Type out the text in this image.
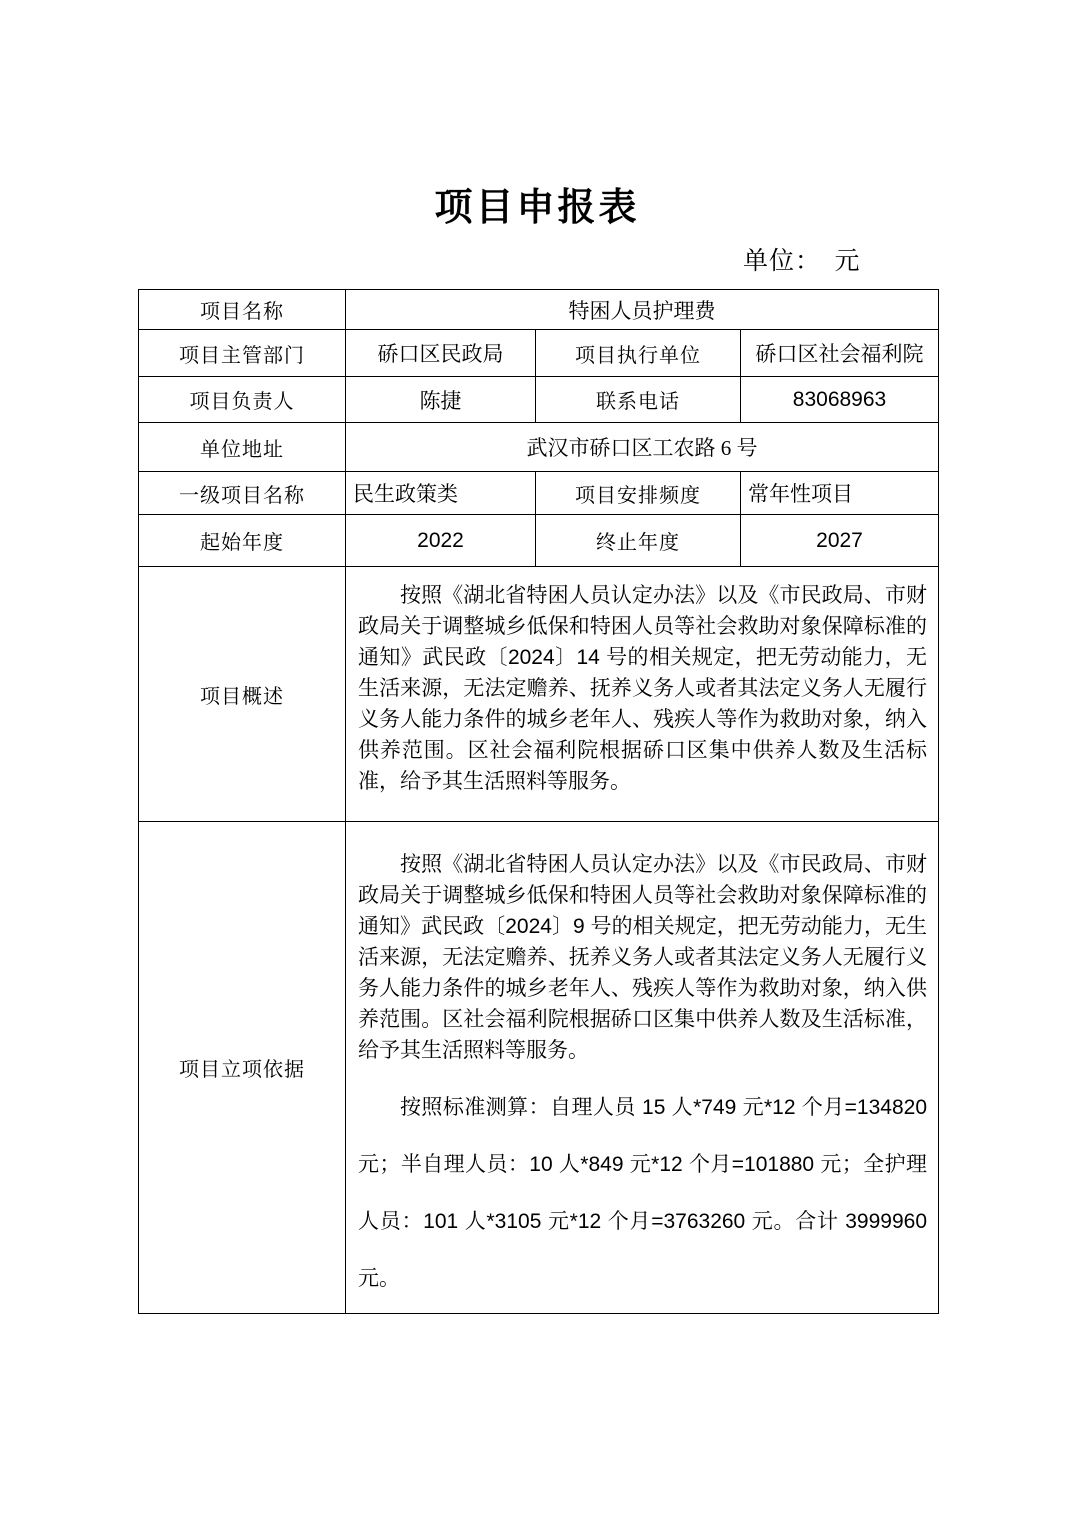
项目申报表
单位：　元
项目名称	特困人员护理费		
项目主管部门	硚口区民政局	项目执行单位	硚口区社会福利院
项目负责人	陈捷	联系电话	83068963
单位地址	武汉市硚口区工农路 6 号		
一级项目名称	民生政策类	项目安排频度	常年性项目
起始年度	2022	终止年度	2027
项目概述	按照《湖北省特困人员认定办法》以及《市民政局、市财政局关于调整城乡低保和特困人员等社会救助对象保障标准的通知》武民政〔2024〕14 号的相关规定，把无劳动能力，无生活来源，无法定赡养、抚养义务人或者其法定义务人无履行义务人能力条件的城乡老年人、残疾人等作为救助对象，纳入供养范围。区社会福利院根据硚口区集中供养人数及生活标准，给予其生活照料等服务。		

项目立项依据	按照《湖北省特困人员认定办法》以及《市民政局、市财政局关于调整城乡低保和特困人员等社会救助对象保障标准的通知》武民政〔2024〕9 号的相关规定，把无劳动能力，无生活来源，无法定赡养、抚养义务人或者其法定义务人无履行义务人能力条件的城乡老年人、残疾人等作为救助对象，纳入供养范围。区社会福利院根据硚口区集中供养人数及生活标准，给予其生活照料等服务。

按照标准测算：自理人员 15 人*749 元*12 个月=134820 元；半自理人员：10 人*849 元*12 个月=101880 元；全护理人员：101 人*3105 元*12 个月=3763260 元。合计 3999960 元。		
